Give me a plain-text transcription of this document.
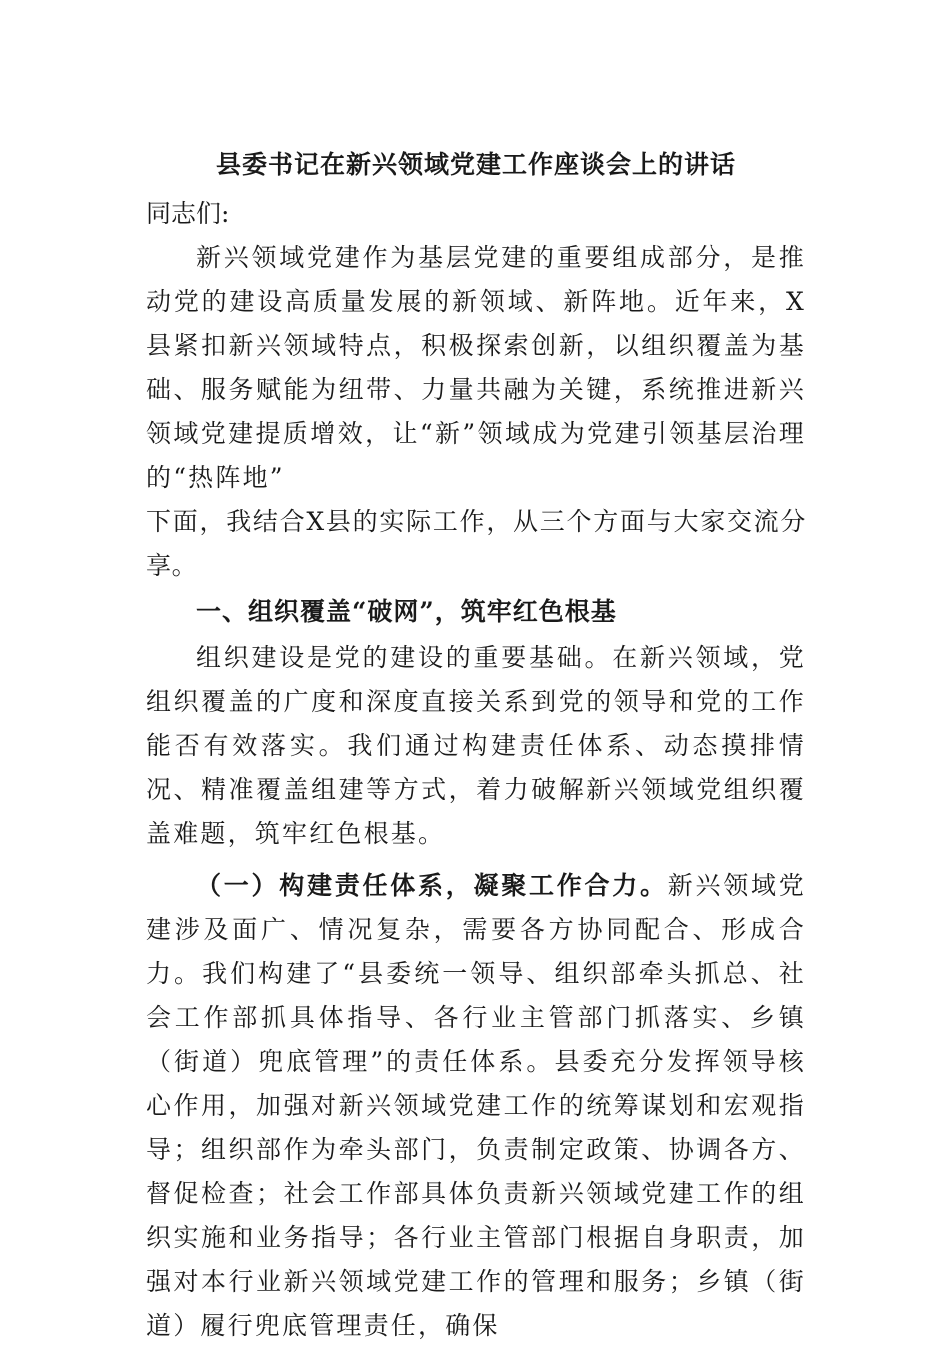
县委书记在新兴领域党建工作座谈会上的讲话
同志们:

新兴领域党建作为基层党建的重要组成部分，是推动党的建设高质量发展的新领域、新阵地。近年来，X县紧扣新兴领域特点，积极探索创新，以组织覆盖为基础、服务赋能为纽带、力量共融为关键，系统推进新兴领域党建提质增效，让“新”领域成为党建引领基层治理的“热阵地”

下面，我结合X县的实际工作，从三个方面与大家交流分享。

一、组织覆盖“破网”，筑牢红色根基

组织建设是党的建设的重要基础。在新兴领域，党组织覆盖的广度和深度直接关系到党的领导和党的工作能否有效落实。我们通过构建责任体系、动态摸排情况、精准覆盖组建等方式，着力破解新兴领域党组织覆盖难题，筑牢红色根基。

（一）构建责任体系，凝聚工作合力。新兴领域党建涉及面广、情况复杂，需要各方协同配合、形成合力。我们构建了“县委统一领导、组织部牵头抓总、社会工作部抓具体指导、各行业主管部门抓落实、乡镇（街道）兜底管理”的责任体系。县委充分发挥领导核心作用，加强对新兴领域党建工作的统筹谋划和宏观指导；组织部作为牵头部门，负责制定政策、协调各方、督促检查；社会工作部具体负责新兴领域党建工作的组织实施和业务指导；各行业主管部门根据自身职责，加强对本行业新兴领域党建工作的管理和服务；乡镇（街道）履行兜底管理责任，确保
